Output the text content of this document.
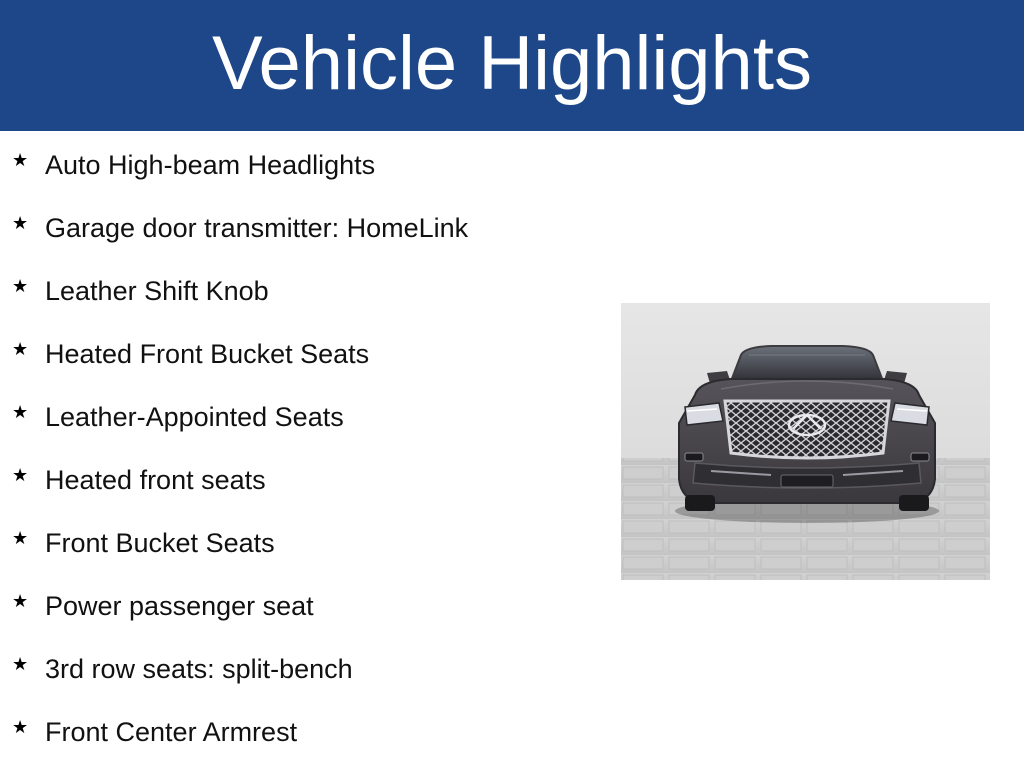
Vehicle Highlights
★ Auto High-beam Headlights
★ Garage door transmitter: HomeLink
★ Leather Shift Knob
★ Heated Front Bucket Seats
★ Leather-Appointed Seats
★ Heated front seats
★ Front Bucket Seats
★ Power passenger seat
★ 3rd row seats: split-bench
★ Front Center Armrest
